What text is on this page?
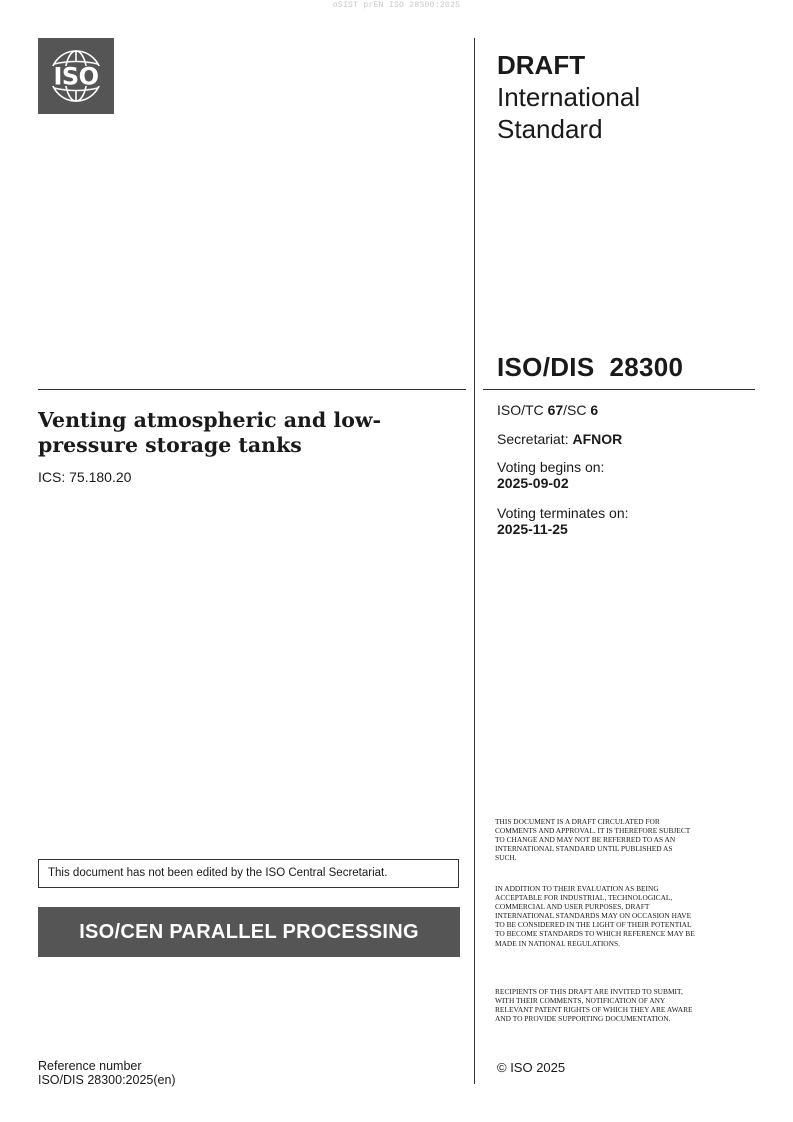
oSIST prEN ISO 28300:2025
ISO	DRAFT
International
Standard
ISO/DIS  28300
Venting atmospheric and low-
pressure storage tanks
ICS: 75.180.20
ISO/TC 67/SC 6
Secretariat: AFNOR
Voting begins on:
2025-09-02
Voting terminates on:
2025-11-25
THIS DOCUMENT IS A DRAFT CIRCULATED FOR COMMENTS AND APPROVAL. IT IS THEREFORE SUBJECT TO CHANGE AND MAY NOT BE REFERRED TO AS AN INTERNATIONAL STANDARD UNTIL PUBLISHED AS SUCH.
IN ADDITION TO THEIR EVALUATION AS BEING ACCEPTABLE FOR INDUSTRIAL, TECHNOLOGICAL, COMMERCIAL AND USER PURPOSES, DRAFT INTERNATIONAL STANDARDS MAY ON OCCASION HAVE TO BE CONSIDERED IN THE LIGHT OF THEIR POTENTIAL TO BECOME STANDARDS TO WHICH REFERENCE MAY BE MADE IN NATIONAL REGULATIONS.
RECIPIENTS OF THIS DRAFT ARE INVITED TO SUBMIT, WITH THEIR COMMENTS, NOTIFICATION OF ANY RELEVANT PATENT RIGHTS OF WHICH THEY ARE AWARE AND TO PROVIDE SUPPORTING DOCUMENTATION.
This document has not been edited by the ISO Central Secretariat.
ISO/CEN PARALLEL PROCESSING
Reference number
ISO/DIS 28300:2025(en)
© ISO 2025
